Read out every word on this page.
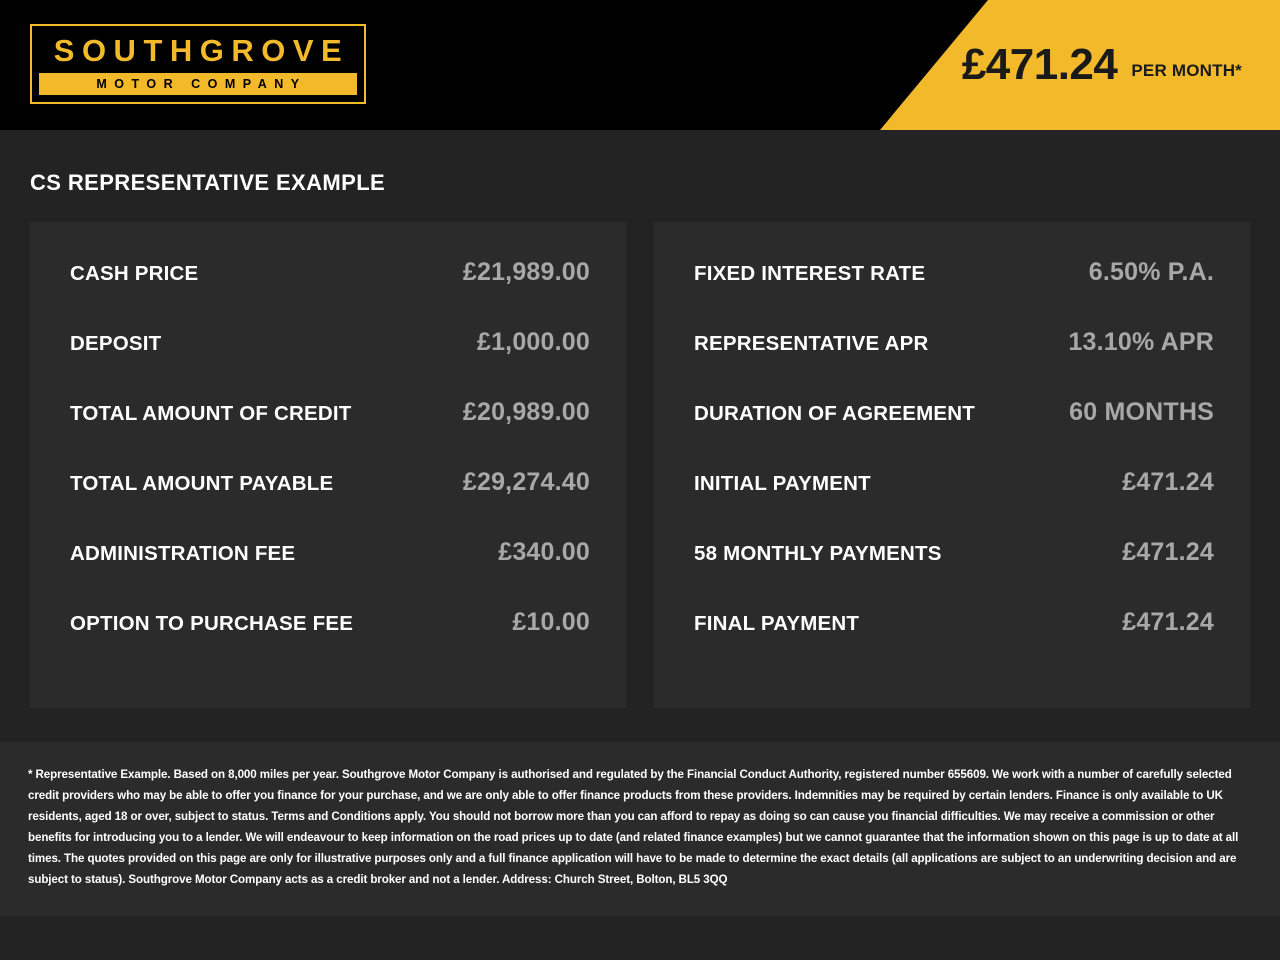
SOUTHGROVE
MOTOR COMPANY	£471.24 PER MONTH*
CS REPRESENTATIVE EXAMPLE
CASH PRICE	£21,989.00
DEPOSIT	£1,000.00
TOTAL AMOUNT OF CREDIT	£20,989.00
TOTAL AMOUNT PAYABLE	£29,274.40
ADMINISTRATION FEE	£340.00
OPTION TO PURCHASE FEE	£10.00
FIXED INTEREST RATE	6.50% P.A.
REPRESENTATIVE APR	13.10% APR
DURATION OF AGREEMENT	60 MONTHS
INITIAL PAYMENT	£471.24
58 MONTHLY PAYMENTS	£471.24
FINAL PAYMENT	£471.24

* Representative Example. Based on 8,000 miles per year. Southgrove Motor Company is authorised and regulated by the Financial Conduct Authority, registered number 655609. We work with a number of carefully selected credit providers who may be able to offer you finance for your purchase, and we are only able to offer finance products from these providers. Indemnities may be required by certain lenders. Finance is only available to UK residents, aged 18 or over, subject to status. Terms and Conditions apply. You should not borrow more than you can afford to repay as doing so can cause you financial difficulties. We may receive a commission or other benefits for introducing you to a lender. We will endeavour to keep information on the road prices up to date (and related finance examples) but we cannot guarantee that the information shown on this page is up to date at all times. The quotes provided on this page are only for illustrative purposes only and a full finance application will have to be made to determine the exact details (all applications are subject to an underwriting decision and are subject to status). Southgrove Motor Company acts as a credit broker and not a lender. Address: Church Street, Bolton, BL5 3QQ
